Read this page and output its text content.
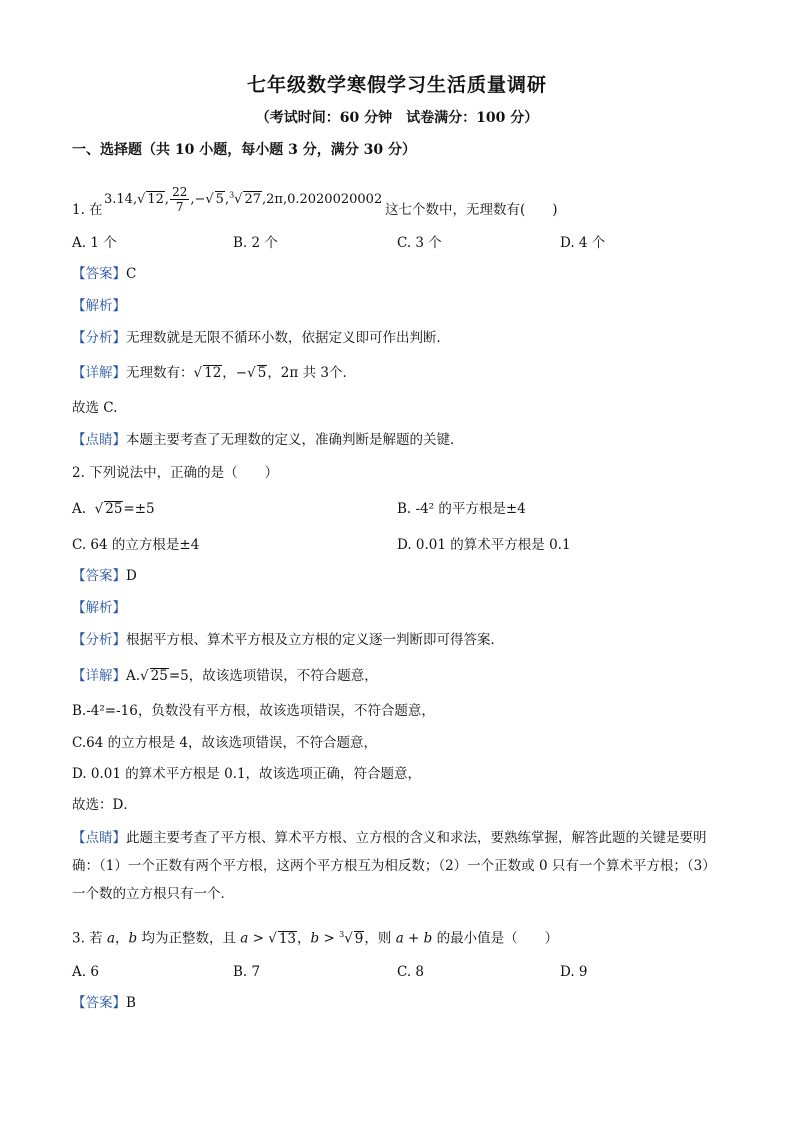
七年级数学寒假学习生活质量调研
（考试时间：60 分钟　试卷满分：100 分）
一、选择题（共 10 小题，每小题 3 分，满分 30 分）
3.14,√ 12, $\frac{22}{7}$ ,−√ 5,$^3$√ 27,2π,0.2020020002
1. 在	这七个数中，无理数有(　　)
A. 1 个	B. 2 个	C. 3 个	D. 4 个
【答案】C
【解析】
【分析】无理数就是无限不循环小数，依据定义即可作出判断．
【详解】无理数有：√ 12，−√ 5，2π 共 3个.
故选 C.
【点睛】本题主要考查了无理数的定义，准确判断是解题的关键．
2. 下列说法中，正确的是（　　）
A.  √ 25=±5	B. -4² 的平方根是±4
C. 64 的立方根是±4	D. 0.01 的算术平方根是 0.1
【答案】D
【解析】
【分析】根据平方根、算术平方根及立方根的定义逐一判断即可得答案．
【详解】A.√ 25=5，故该选项错误，不符合题意，
B.-4²=-16，负数没有平方根，故该选项错误，不符合题意，
C.64 的立方根是 4，故该选项错误，不符合题意，
D. 0.01 的算术平方根是 0.1，故该选项正确，符合题意，
故选：D．
【点睛】此题主要考查了平方根、算术平方根、立方根的含义和求法，要熟练掌握，解答此题的关键是要明确：（1）一个正数有两个平方根，这两个平方根互为相反数；（2）一个正数或 0 只有一个算术平方根；（3）一个数的立方根只有一个．
3. 若 a，b 均为正整数，且 a > √ 13，b > $^3$√ 9，则 a + b 的最小值是（　　）
A. 6	B. 7	C. 8	D. 9
【答案】B
